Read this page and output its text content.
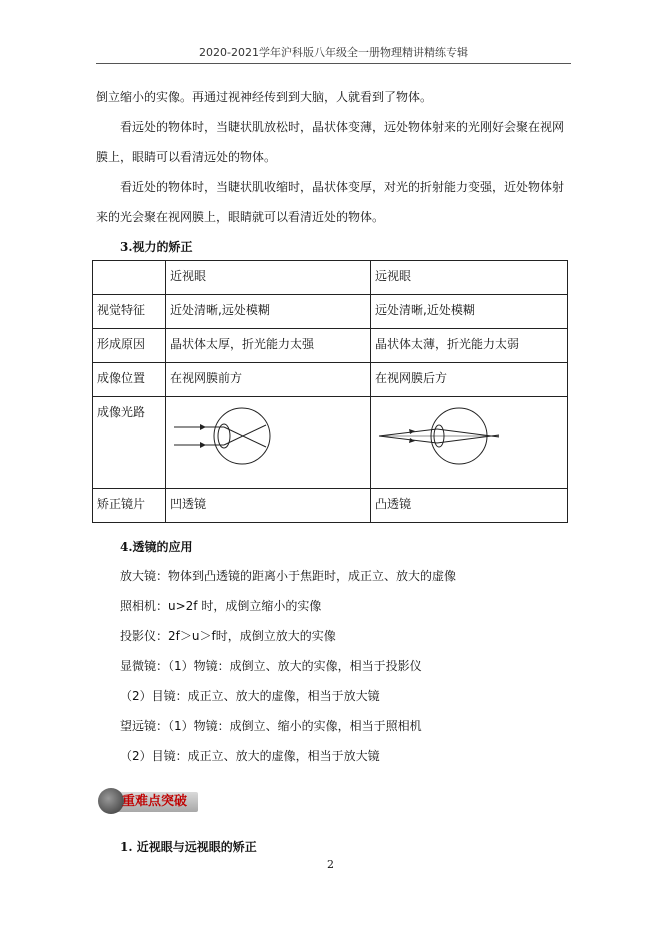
2020-2021学年沪科版八年级全一册物理精讲精练专辑

倒立缩小的实像。再通过视神经传到到大脑，人就看到了物体。

看远处的物体时，当睫状肌放松时，晶状体变薄，远处物体射来的光刚好会聚在视网膜上，眼睛可以看清远处的物体。

看近处的物体时，当睫状肌收缩时，晶状体变厚，对光的折射能力变强，近处物体射来的光会聚在视网膜上，眼睛就可以看清近处的物体。

3.视力的矫正
	近视眼	远视眼
视觉特征	近处清晰,远处模糊	远处清晰,近处模糊
形成原因	晶状体太厚，折光能力太强	晶状体太薄，折光能力太弱
成像位置	在视网膜前方	在视网膜后方
成像光路		
矫正镜片	凹透镜	凸透镜
4.透镜的应用
放大镜：物体到凸透镜的距离小于焦距时，成正立、放大的虚像
照相机：u>2f 时，成倒立缩小的实像
投影仪：2f＞u＞f时，成倒立放大的实像
显微镜：（1）物镜：成倒立、放大的实像，相当于投影仪
（2）目镜：成正立、放大的虚像，相当于放大镜
望远镜：（1）物镜：成倒立、缩小的实像，相当于照相机
（2）目镜：成正立、放大的虚像，相当于放大镜
重难点突破
1. 近视眼与远视眼的矫正
2
